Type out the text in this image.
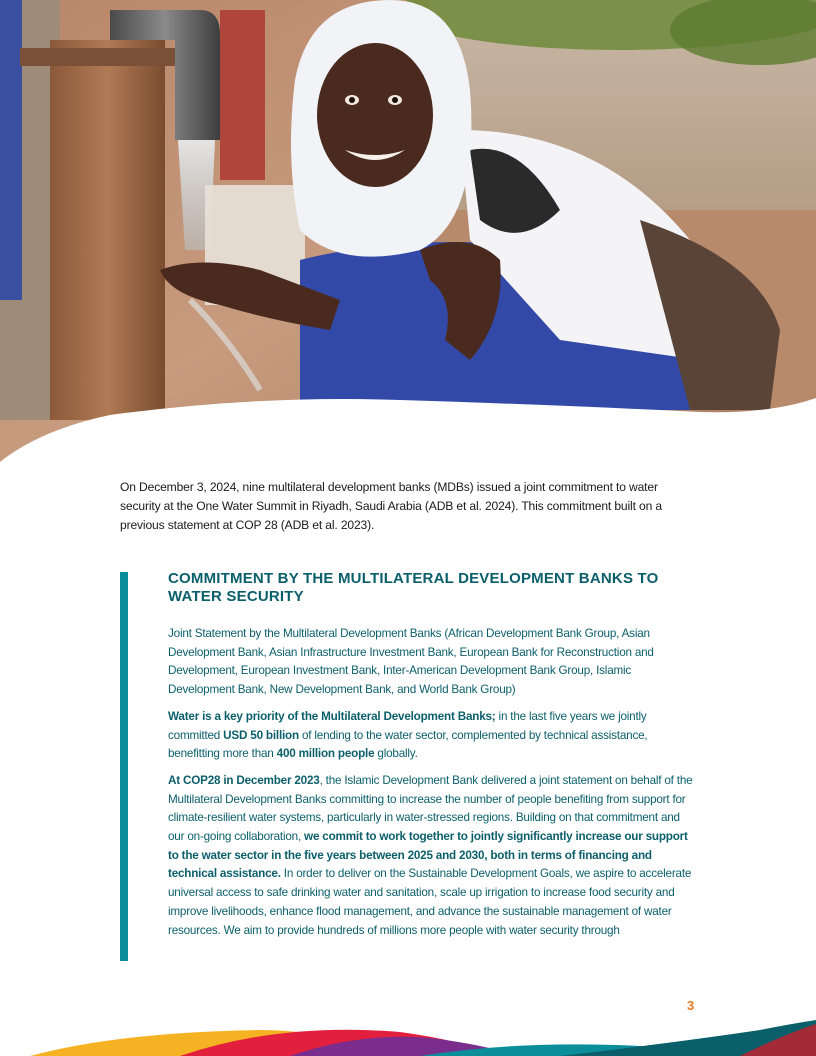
On December 3, 2024, nine multilateral development banks (MDBs) issued a joint commitment to water security at the One Water Summit in Riyadh, Saudi Arabia (ADB et al. 2024). This commitment built on a previous statement at COP 28 (ADB et al. 2023).

COMMITMENT BY THE MULTILATERAL DEVELOPMENT BANKS TO WATER SECURITY

Joint Statement by the Multilateral Development Banks (African Development Bank Group, Asian Development Bank, Asian Infrastructure Investment Bank, European Bank for Reconstruction and Development, European Investment Bank, Inter-American Development Bank Group, Islamic Development Bank, New Development Bank, and World Bank Group)

Water is a key priority of the Multilateral Development Banks; in the last five years we jointly committed USD 50 billion of lending to the water sector, complemented by technical assistance, benefitting more than 400 million people globally.

At COP28 in December 2023, the Islamic Development Bank delivered a joint statement on behalf of the Multilateral Development Banks committing to increase the number of people benefiting from support for climate-resilient water systems, particularly in water-stressed regions. Building on that commitment and our on-going collaboration, we commit to work together to jointly significantly increase our support to the water sector in the five years between 2025 and 2030, both in terms of financing and technical assistance. In order to deliver on the Sustainable Development Goals, we aspire to accelerate universal access to safe drinking water and sanitation, scale up irrigation to increase food security and improve livelihoods, enhance flood management, and advance the sustainable management of water resources. We aim to provide hundreds of millions more people with water security through

3
